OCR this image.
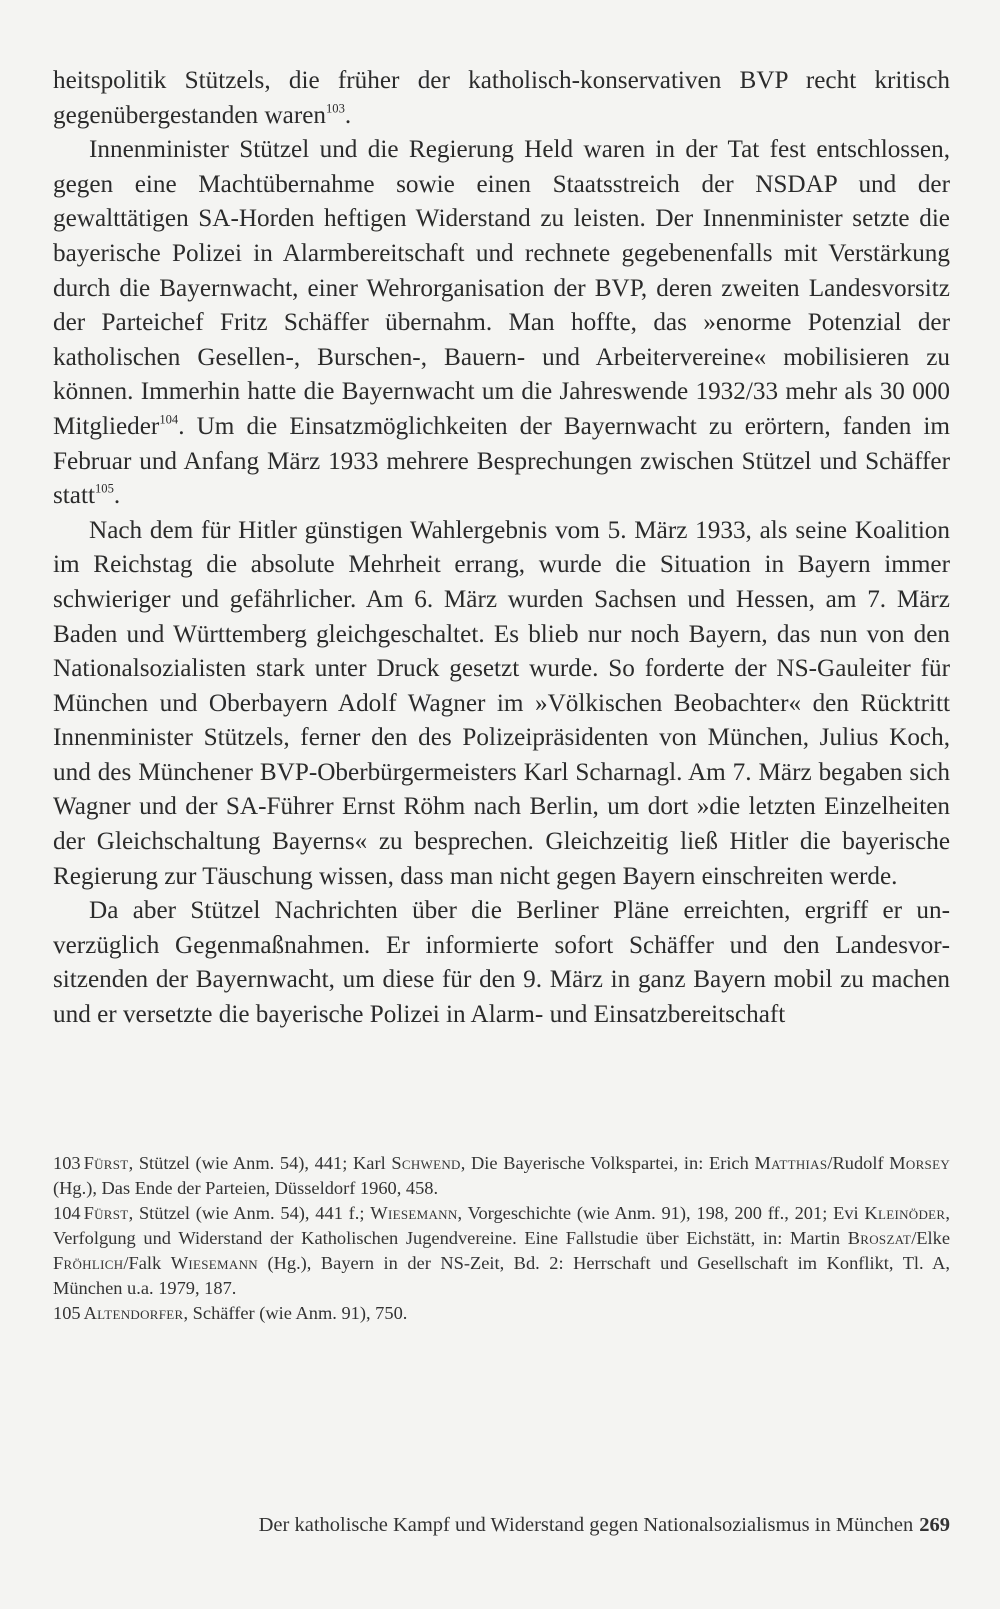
heitspolitik Stützels, die früher der katholisch-konservativen BVP recht kritisch gegenübergestanden waren$^{103}$.

Innenminister Stützel und die Regierung Held waren in der Tat fest entschlossen, gegen eine Machtübernahme sowie einen Staatsstreich der NSDAP und der gewalttätigen SA-Horden heftigen Widerstand zu leisten. Der Innenminister setzte die bayerische Polizei in Alarmbereitschaft und rechnete gegebenenfalls mit Verstärkung durch die Bayernwacht, einer Wehrorganisation der BVP, deren zweiten Landesvorsitz der Parteichef Fritz Schäffer übernahm. Man hoffte, das »enorme Potenzial der katholischen Gesellen-, Burschen-, Bauern- und Arbeitervereine« mobilisieren zu können. Immerhin hatte die Bayernwacht um die Jahreswende 1932/33 mehr als 30 000 Mitglieder$^{104}$. Um die Einsatzmöglichkeiten der Bayernwacht zu erörtern, fanden im Februar und Anfang März 1933 mehrere Besprechungen zwischen Stützel und Schäffer statt$^{105}$.

Nach dem für Hitler günstigen Wahlergebnis vom 5. März 1933, als seine Koalition im Reichstag die absolute Mehrheit errang, wurde die Situation in Bayern immer schwieriger und gefährlicher. Am 6. März wurden Sachsen und Hessen, am 7. März Baden und Württemberg gleichgeschaltet. Es blieb nur noch Bayern, das nun von den Nationalsozialisten stark unter Druck gesetzt wurde. So forderte der NS-Gauleiter für München und Oberbayern Adolf Wagner im »Völkischen Beobachter« den Rücktritt Innenminister Stützels, ferner den des Polizeipräsidenten von München, Julius Koch, und des Münchener BVP-Oberbürgermeisters Karl Scharnagl. Am 7. März begaben sich Wagner und der SA-Führer Ernst Röhm nach Berlin, um dort »die letzten Einzelheiten der Gleichschaltung Bayerns« zu besprechen. Gleichzeitig ließ Hitler die bayerische Regierung zur Täuschung wissen, dass man nicht gegen Bayern einschreiten werde.

Da aber Stützel Nachrichten über die Berliner Pläne erreichten, ergriff er unverzüglich Gegenmaßnahmen. Er informierte sofort Schäffer und den Landesvorsitzenden der Bayernwacht, um diese für den 9. März in ganz Bayern mobil zu machen und er versetzte die bayerische Polizei in Alarm- und Einsatzbereitschaft

103 Fürst, Stützel (wie Anm. 54), 441; Karl Schwend, Die Bayerische Volkspartei, in: Erich Matthias/Rudolf Morsey (Hg.), Das Ende der Parteien, Düsseldorf 1960, 458.

104 Fürst, Stützel (wie Anm. 54), 441 f.; Wiesemann, Vorgeschichte (wie Anm. 91), 198, 200 ff., 201; Evi Kleinöder, Verfolgung und Widerstand der Katholischen Jugendvereine. Eine Fallstudie über Eichstätt, in: Martin Broszat/Elke Fröhlich/Falk Wiesemann (Hg.), Bayern in der NS-Zeit, Bd. 2: Herrschaft und Gesellschaft im Konflikt, Tl. A, München u.a. 1979, 187.

105 Altendorfer, Schäffer (wie Anm. 91), 750.

Der katholische Kampf und Widerstand gegen Nationalsozialismus in München 269
